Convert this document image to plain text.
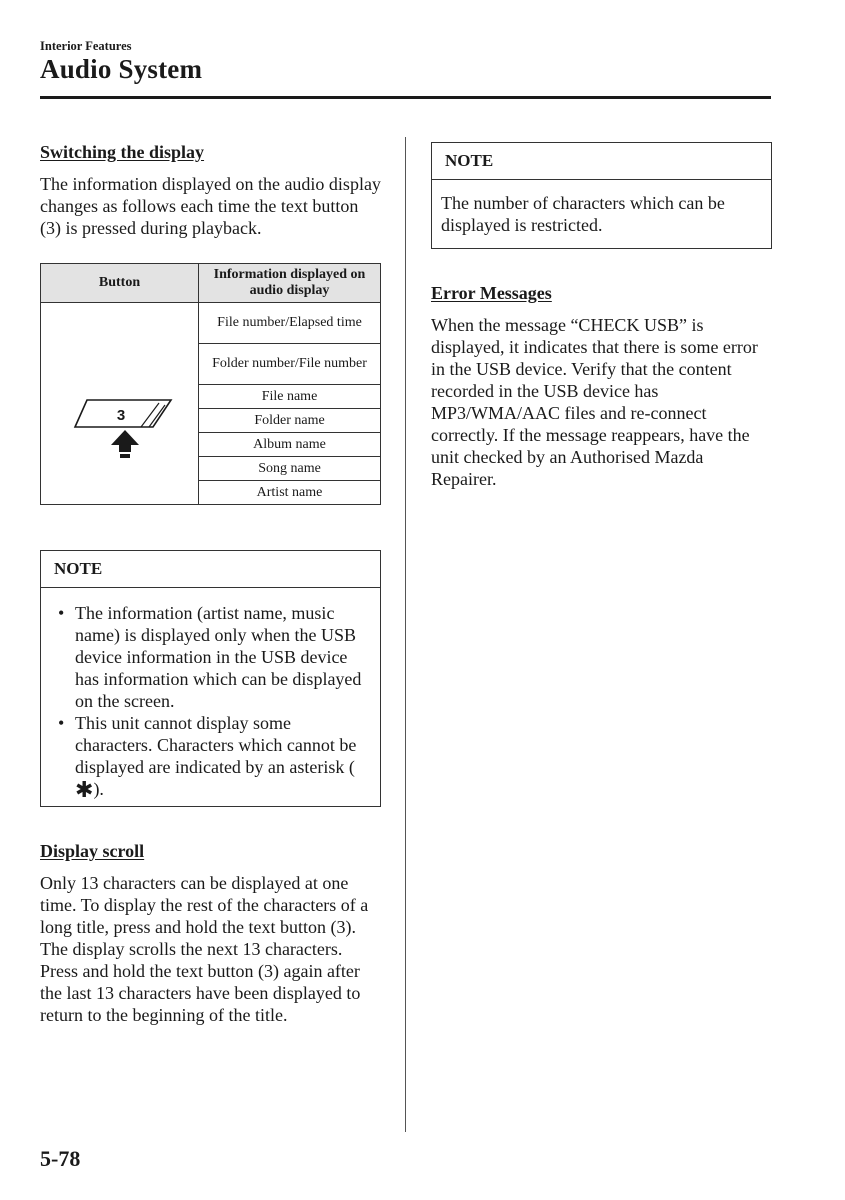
Interior Features
Audio System

Switching the display

The information displayed on the audio display changes as follows each time the text button (3) is pressed during playback.

Button	Information displayed on audio display

3	File number/Elapsed time
	Folder number/File number
	File name
	Folder name
	Album name
	Song name
	Artist name
NOTE
• The information (artist name, music name) is displayed only when the USB device information in the USB device has information which can be displayed on the screen.
• This unit cannot display some characters. Characters which cannot be displayed are indicated by an asterisk (✱).

Display scroll

Only 13 characters can be displayed at one time. To display the rest of the characters of a long title, press and hold the text button (3). The display scrolls the next 13 characters. Press and hold the text button (3) again after the last 13 characters have been displayed to return to the beginning of the title.

NOTE
The number of characters which can be displayed is restricted.

Error Messages

When the message “CHECK USB” is displayed, it indicates that there is some error in the USB device. Verify that the content recorded in the USB device has MP3/WMA/AAC files and re-connect correctly. If the message reappears, have the unit checked by an Authorised Mazda Repairer.

5-78
